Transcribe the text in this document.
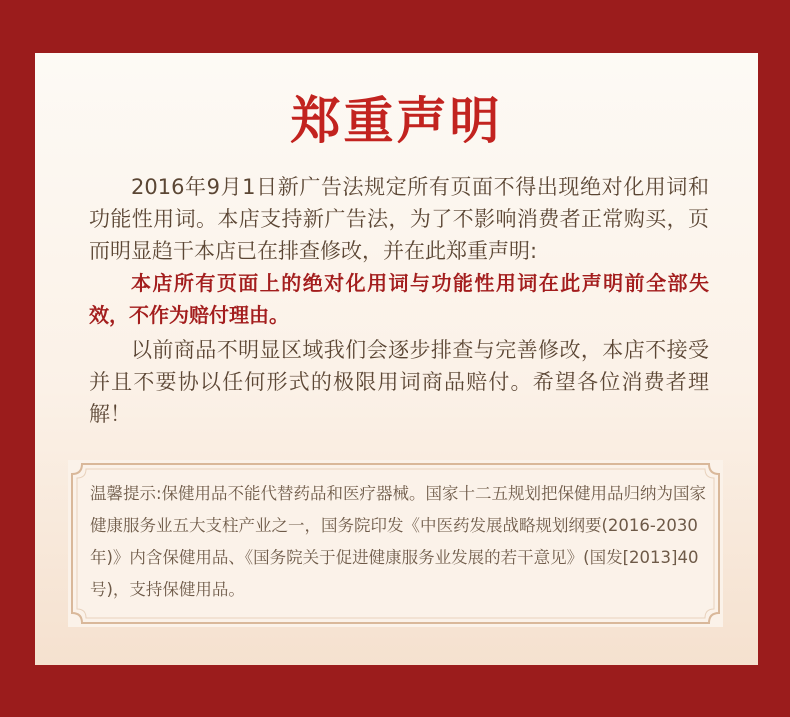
郑重声明
2016年9月1日新广告法规定所有页面不得出现绝对化用词和功能性用词。本店支持新广告法，为了不影响消费者正常购买，页而明显趋干本店已在排查修改，并在此郑重声明:
本店所有页面上的绝对化用词与功能性用词在此声明前全部失效，不作为赔付理由。
以前商品不明显区域我们会逐步排查与完善修改，本店不接受并且不要协以任何形式的极限用词商品赔付。希望各位消费者理解！
温馨提示:保健用品不能代替药品和医疗器械。国家十二五规划把保健用品归纳为国家健康服务业五大支柱产业之一，国务院印发《中医药发展战略规划纲要(2016-2030年)》内含保健用品、《国务院关于促进健康服务业发展的若干意见》(国发[2013]40号)，支持保健用品。
